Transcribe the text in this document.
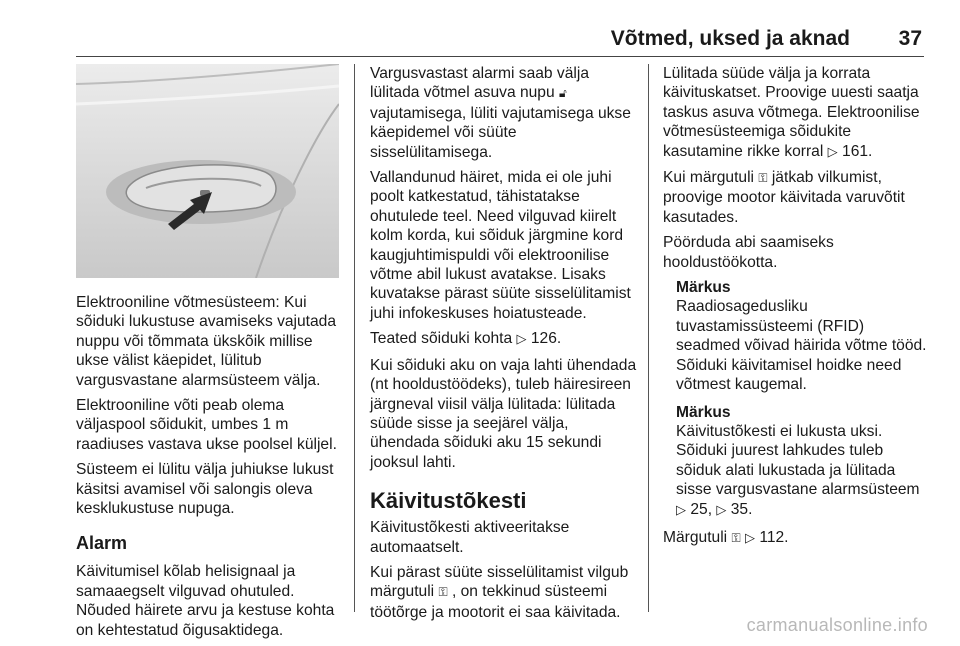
Võtmed, uksed ja aknad 37

Elektrooniline võtmesüsteem: Kui sõiduki lukustuse avamiseks vajutada nuppu või tõmmata ükskõik millise ukse välist käepidet, lülitub vargusvastane alarmsüsteem välja.

Elektrooniline võti peab olema väljaspool sõidukit, umbes 1 m raadiuses vastava ukse poolsel küljel.

Süsteem ei lülitu välja juhiukse lukust käsitsi avamisel või salongis oleva kesklukustuse nupuga.

Alarm

Käivitumisel kõlab helisignaal ja samaaegselt vilguvad ohutuled. Nõuded häirete arvu ja kestuse kohta on kehtestatud õigusaktidega.

Vargusvastast alarmi saab välja lülitada võtmel asuva nupu 🔓︎ vajutamisega, lüliti vajutamisega ukse käepidemel või süüte sisselülitamisega.

Vallandunud häiret, mida ei ole juhi poolt katkestatud, tähistatakse ohutulede teel. Need vilguvad kiirelt kolm korda, kui sõiduk järgmine kord kaugjuhtimispuldi või elektroonilise võtme abil lukust avatakse. Lisaks kuvatakse pärast süüte sisselülitamist juhi infokeskuses hoiatusteade.

Teated sõiduki kohta ▷ 126.

Kui sõiduki aku on vaja lahti ühendada (nt hooldustöödeks), tuleb häiresireen järgneval viisil välja lülitada: lülitada süüde sisse ja seejärel välja, ühendada sõiduki aku 15 sekundi jooksul lahti.

Käivitustõkesti

Käivitustõkesti aktiveeritakse automaatselt.

Kui pärast süüte sisselülitamist vilgub märgutuli ⚿ , on tekkinud süsteemi töötõrge ja mootorit ei saa käivitada.

Lülitada süüde välja ja korrata käivituskatset. Proovige uuesti saatja taskus asuva võtmega. Elektroonilise võtmesüsteemiga sõidukite kasutamine rikke korral ▷ 161.

Kui märgutuli ⚿ jätkab vilkumist, proovige mootor käivitada varuvõtit kasutades.

Pöörduda abi saamiseks hooldustöökotta.

Märkus
Raadiosagedusliku tuvastamissüsteemi (RFID) seadmed võivad häirida võtme tööd. Sõiduki käivitamisel hoidke need võtmest kaugemal.
Märkus
Käivitustõkesti ei lukusta uksi. Sõiduki juurest lahkudes tuleb sõiduk alati lukustada ja lülitada sisse vargusvastane alarmsüsteem ▷ 25, ▷ 35.

Märgutuli ⚿ ▷ 112.

carmanualsonline.info
